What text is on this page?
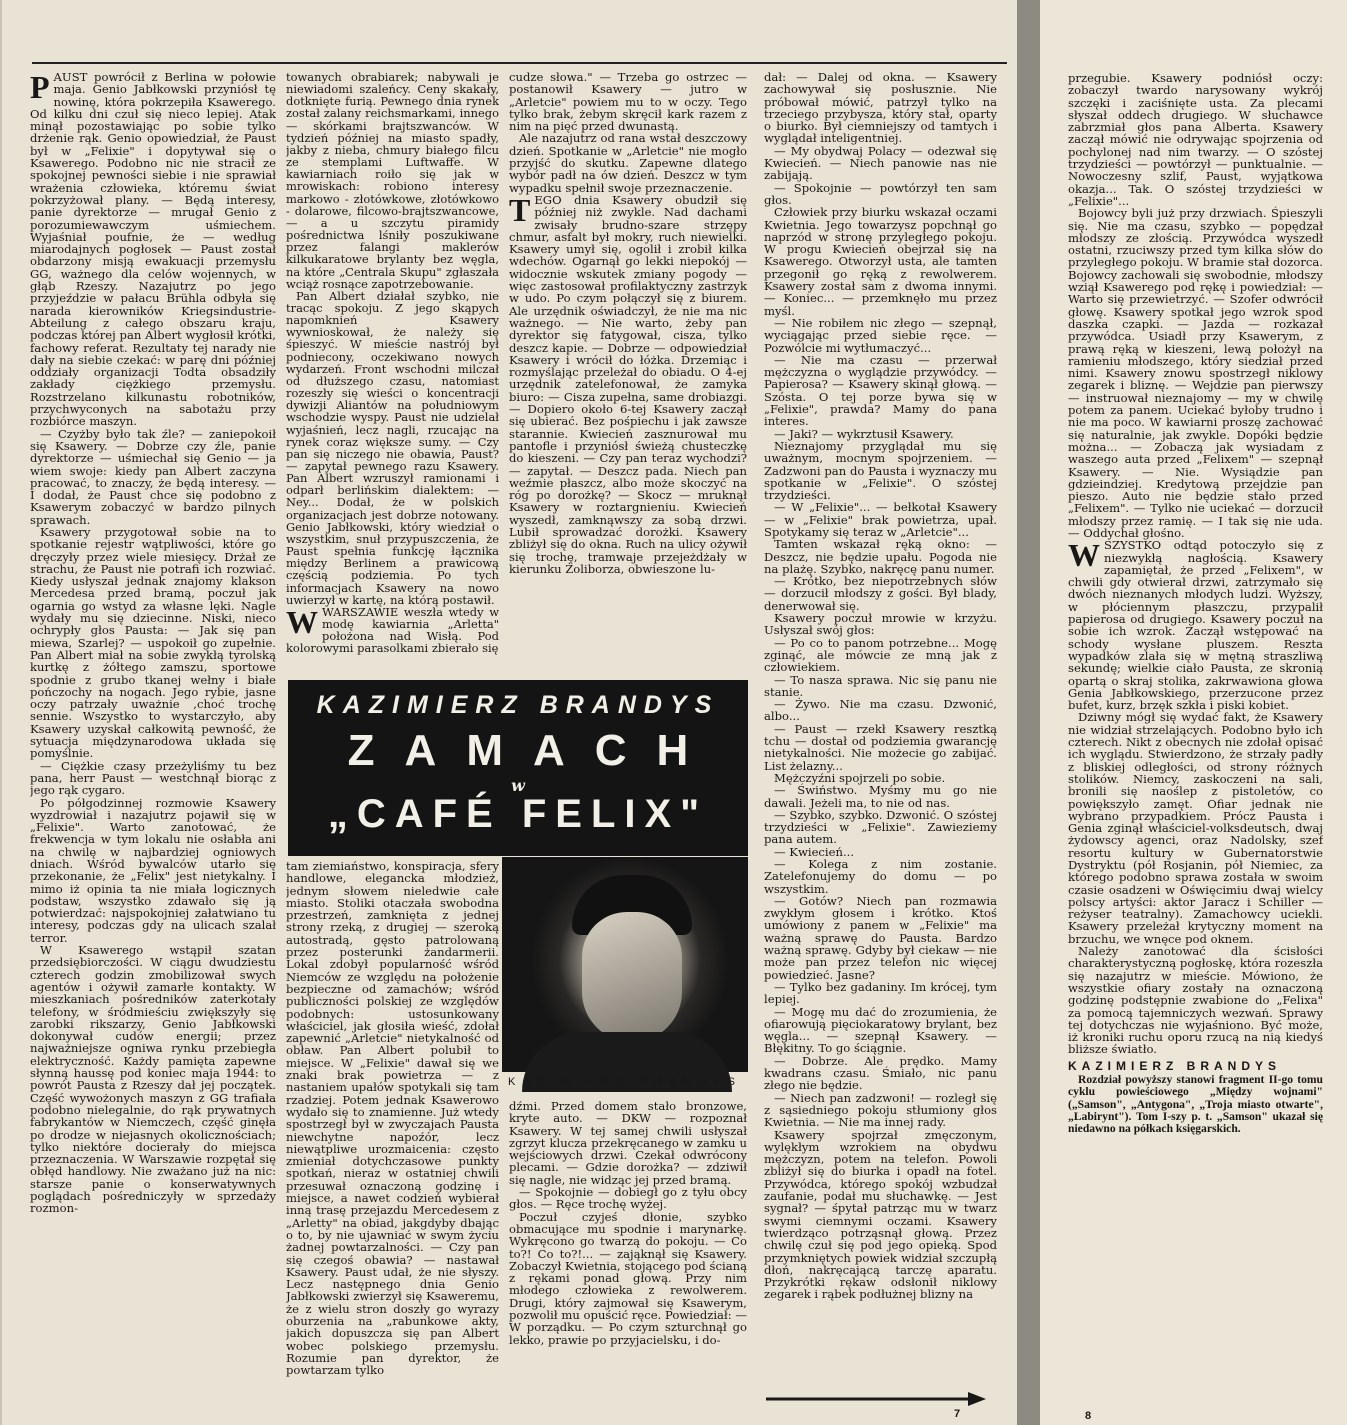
PAUST powrócił z Berlina w połowie maja. Genio Jabłkowski przyniósł tę nowinę, która pokrzepiła Ksawerego. Od kilku dni czuł się nieco lepiej. Atak minął pozostawiając po sobie tylko drżenie rąk. Genio opowiedział, że Paust był w „Felixie" i dopytywał się o Ksawerego. Podobno nic nie stracił ze spokojnej pewności siebie i nie sprawiał wrażenia człowieka, któremu świat pokrzyżował plany. — Będą interesy, panie dyrektorze — mrugał Genio z porozumiewawczym uśmiechem. Wyjaśniał poufnie, że — według miarodajnych pogłosek — Paust został obdarzony misją ewakuacji przemysłu GG, ważnego dla celów wojennych, w głąb Rzeszy. Nazajutrz po jego przyjeździe w pałacu Brühla odbyła się narada kierowników Kriegsindustrie-Abteilung z całego obszaru kraju, podczas której pan Albert wygłosił krótki, fachowy referat. Rezultaty tej narady nie dały na siebie czekać: w parę dni później oddziały organizacji Todta obsadziły zakłady ciężkiego przemysłu. Rozstrzelano kilkunastu robotników, przychwyconych na sabotażu przy rozbiórce maszyn.

— Czyżby było tak źle? — zaniepokoił się Ksawery. — Dobrze czy źle, panie dyrektorze — uśmiechał się Genio — ja wiem swoje: kiedy pan Albert zaczyna pracować, to znaczy, że będą interesy. — I dodał, że Paust chce się podobno z Ksawerym zobaczyć w bardzo pilnych sprawach.

Ksawery przygotował sobie na to spotkanie rejestr wątpliwości, które go dręczyły przez wiele miesięcy. Drżał ze strachu, że Paust nie potrafi ich rozwiać. Kiedy usłyszał jednak znajomy klakson Mercedesa przed bramą, poczuł jak ogarnia go wstyd za własne lęki. Nagle wydały mu się dziecinne. Niski, nieco ochrypły głos Pausta: — Jak się pan miewa, Szarlej? — uspokoił go zupełnie. Pan Albert miał na sobie zwykłą tyrolską kurtkę z żółtego zamszu, sportowe spodnie z grubo tkanej wełny i białe pończochy na nogach. Jego rybie, jasne oczy patrzały uważnie ,choć trochę sennie. Wszystko to wystarczyło, aby Ksawery uzyskał całkowitą pewność, że sytuacja międzynarodowa układa się pomyślnie.

— Ciężkie czasy przeżyliśmy tu bez pana, herr Paust — westchnął biorąc z jego rąk cygaro.

Po półgodzinnej rozmowie Ksawery wyzdrowiał i nazajutrz pojawił się w „Felixie". Warto zanotować, że frekwencja w tym lokalu nie osłabła ani na chwilę w najbardziej ogniowych dniach. Wśród bywalców utarło się przekonanie, że „Felix" jest nietykalny. I mimo iż opinia ta nie miała logicznych podstaw, wszystko zdawało się ją potwierdzać: najspokojniej załatwiano tu interesy, podczas gdy na ulicach szalał terror.

W Ksawerego wstąpił szatan przedsiębiorczości. W ciągu dwudziestu czterech godzin zmobilizował swych agentów i ożywił zamarłe kontakty. W mieszkaniach pośredników zaterkotały telefony, w śródmieściu zwiększyły się zarobki rikszarzy, Genio Jabłkowski dokonywał cudów energii; przez najważniejsze ogniwa rynku przebiegła elektryczność. Każdy pamięta zapewne słynną haussę pod koniec maja 1944: to powrót Pausta z Rzeszy dał jej początek. Część wywożonych maszyn z GG trafiała podobno nielegalnie, do rąk prywatnych fabrykantów w Niemczech, część ginęła po drodze w niejasnych okolicznościach; tylko niektóre docierały do miejsca przeznaczenia. W Warszawie rozpętał się obłęd handlowy. Nie zważano już na nic: starsze panie o konserwatywnych poglądach pośredniczyły w sprzedaży rozmon-

towanych obrabiarek; nabywali je niewiadomi szaleńcy. Ceny skakały, dotknięte furią. Pewnego dnia rynek został zalany reichsmarkami, innego — skórkami brajtszwanców. W tydzień później na miasto spadły, jakby z nieba, chmury białego filcu ze stemplami Luftwaffe. W kawiarniach roiło się jak w mrowiskach: robiono interesy markowo - złotówkowe, złotówkowo - dolarowe, filcowo-brajtszwancowe, — a u szczytu piramidy pośrednictwa lśniły poszukiwane przez falangi maklerów kilkukaratowe brylanty bez węgla, na które „Centrala Skupu" zgłaszała wciąż rosnące zapotrzebowanie.

Pan Albert działał szybko, nie tracąc spokoju. Z jego skąpych napomknień Ksawery wywnioskował, że należy się śpieszyć. W mieście nastrój był podniecony, oczekiwano nowych wydarzeń. Front wschodni milczał od dłuższego czasu, natomiast rozeszły się wieści o koncentracji dywizji Aliantów na południowym wschodzie wyspy. Paust nie udzielał wyjaśnień, lecz nagli, rzucając na rynek coraz większe sumy. — Czy pan się niczego nie obawia, Paust? — zapytał pewnego razu Ksawery. Pan Albert wzruszył ramionami i odparł berlińskim dialektem: — Ney... Dodał, że w polskich organizacjach jest dobrze notowany. Genio Jabłkowski, który wiedział o wszystkim, snuł przypuszczenia, że Paust spełnia funkcję łącznika między Berlinem a prawicową częścią podziemia. Po tych informacjach Ksawery na nowo uwierzył w kartę, na którą postawił.

WWARSZAWIE weszła wtedy w modę kawiarnia „Arletta" położona nad Wisłą. Pod kolorowymi parasolkami zbierało się

cudze słowa." — Trzeba go ostrzec — postanowił Ksawery — jutro w „Arletcie" powiem mu to w oczy. Tego tylko brak, żebym skręcił kark razem z nim na pięć przed dwunastą.

Ale nazajutrz od rana wstał deszczowy dzień. Spotkanie w „Arletcie" nie mogło przyjść do skutku. Zapewne dlatego wybór padł na ów dzień. Deszcz w tym wypadku spełnił swoje przeznaczenie.

TEGO dnia Ksawery obudził się później niż zwykle. Nad dachami zwisały brudno-szare strzępy chmur, asfalt był mokry, ruch niewielki. Ksawery umył się, ogolił i zrobił kilka wdechów. Ogarnął go lekki niepokój — widocznie wskutek zmiany pogody — więc zastosował profilaktyczny zastrzyk w udo. Po czym połączył się z biurem. Ale urzędnik oświadczył, że nie ma nic ważnego. — Nie warto, żeby pan dyrektor się fatygował, cisza, tylko deszcz kapie. — Dobrze — odpowiedział Ksawery i wrócił do łóżka. Drzemiąc i rozmyślając przeleżał do obiadu. O 4-ej urzędnik zatelefonował, że zamyka biuro: — Cisza zupełna, same drobiazgi. — Dopiero około 6-tej Ksawery zaczął się ubierać. Bez pośpiechu i jak zawsze starannie. Kwiecień zasznurował mu pantofle i przyniósł świeżą chusteczkę do kieszeni. — Czy pan teraz wychodzi? — zapytał. — Deszcz pada. Niech pan weźmie płaszcz, albo może skoczyć na róg po dorożkę? — Skocz — mruknął Ksawery w roztargnieniu. Kwiecień wyszedł, zamknąwszy za sobą drzwi. Lubił sprowadzać dorożki. Ksawery zbliżył się do okna. Ruch na ulicy ożywił się trochę, tramwaje przejeżdżały w kierunku Żoliborza, obwieszone lu-

KAZIMIERZ BRANDYS
ZAMACH
w
„CAFÉ FELIX"

tam ziemiaństwo, konspiracja, sfery handlowe, elegancka młodzież, jednym słowem nieledwie całe miasto. Stoliki otaczała swobodna przestrzeń, zamknięta z jednej strony rzeką, z drugiej — szeroką autostradą, gęsto patrolowaną przez posterunki żandarmerii. Lokal zdobył popularność wśród Niemców ze względu na położenie bezpieczne od zamachów; wśród publiczności polskiej ze względów podobnych: ustosunkowany właściciel, jak głosiła wieść, zdołał zapewnić „Arletcie" nietykalność od obław. Pan Albert polubił to miejsce. W „Felixie" dawał się we znaki brak powietrza — z nastaniem upałów spotykali się tam rzadziej. Potem jednak Ksawerowo wydało się to znamienne. Już wtedy spostrzegł był w zwyczajach Pausta niewchytne napoźór, lecz niewątpliwe urozmaicenia: często zmieniał dotychczasowe punkty spotkań, nieraz w ostatniej chwili przesuwał oznaczoną godzinę i miejsce, a nawet codzień wybierał inną trasę przejazdu Mercedesem z „Arletty" na obiad, jakgdyby dbając o to, by nie ujawniać w swym życiu żadnej powtarzalności. — Czy pan się czegoś obawia? — nastawał Ksawery. Paust udał, że nie słyszy. Lecz następnego dnia Genio Jabłkowski zwierzył się Ksaweremu, że z wielu stron doszły go wyrazy oburzenia na „rabunkowe akty, jakich dopuszcza się pan Albert wobec polskiego przemysłu. Rozumie pan dyrektor, że powtarzam tylko

KAZIMIERZ BRANDYS

dźmi. Przed domem stało bronzowe, kryte auto. — DKW — rozpoznał Ksawery. W tej samej chwili usłyszał zgrzyt klucza przekręcanego w zamku u wejściowych drzwi. Czekał odwrócony plecami. — Gdzie dorożka? — zdziwił się nagle, nie widząc jej przed bramą.

— Spokojnie — dobiegł go z tyłu obcy głos. — Ręce trochę wyżej.

Poczuł czyjeś dłonie, szybko obmacujące mu spodnie i marynarkę. Wykręcono go twarzą do pokoju. — Co to?! Co to?!... — zająknął się Ksawery. Zobaczył Kwietnia, stojącego pod ścianą z rękami ponad głową. Przy nim młodego człowieka z rewolwerem. Drugi, który zajmował się Ksawerym, pozwolił mu opuścić ręce. Powiedział: — W porządku. — Po czym szturchnął go lekko, prawie po przyjacielsku, i do-

dał: — Dalej od okna. — Ksawery zachowywał się posłusznie. Nie próbował mówić, patrzył tylko na trzeciego przybysza, który stał, oparty o biurko. Był ciemniejszy od tamtych i wyglądał inteligentniej.

— My obydwaj Polacy — odezwał się Kwiecień. — Niech panowie nas nie zabijają.

— Spokojnie — powtórzył ten sam głos.

Człowiek przy biurku wskazał oczami Kwietnia. Jego towarzysz popchnął go naprzód w stronę przyległego pokoju. W progu Kwiecień obejrzał się na Ksawerego. Otworzył usta, ale tamten przegonił go ręką z rewolwerem. Ksawery został sam z dwoma innymi. — Koniec... — przemknęło mu przez myśl.

— Nie robiłem nic złego — szepnął, wyciągając przed siebie ręce. — Pozwólcie mi wytłumaczyć...

— Nie ma czasu — przerwał mężczyzna o wyglądzie przywódcy. — Papierosa? — Ksawery skinął głową. — Szósta. O tej porze bywa się w „Felixie", prawda? Mamy do pana interes.

— Jaki? — wykrztusił Ksawery.

Nieznajomy przyglądał mu się uważnym, mocnym spojrzeniem. — Zadzwoni pan do Pausta i wyznaczy mu spotkanie w „Felixie". O szóstej trzydzieści.

— W „Felixie"... — bełkotał Ksawery — w „Felixie" brak powietrza, upał. Spotykamy się teraz w „Arletcie"...

Tamten wskazał ręką okno: — Deszcz, nie będzie upału. Pogoda nie na plażę. Szybko, nakręcę panu numer.

— Krótko, bez niepotrzebnych słów — dorzucił młodszy z gości. Był blady, denerwował się.

Ksawery poczuł mrowie w krzyżu. Usłyszał swój głos:

— Po co to panom potrzebne... Mogę zginąć, ale mówcie ze mną jak z człowiekiem.

— To nasza sprawa. Nic się panu nie stanie.

— Żywo. Nie ma czasu. Dzwonić, albo...

— Paust — rzekł Ksawery resztką tchu — dostał od podziemia gwarancję nietykalności. Nie możecie go zabijać. List żelazny...

Mężczyźni spojrzeli po sobie.

— Świństwo. Myśmy mu go nie dawali. Jeżeli ma, to nie od nas.

— Szybko, szybko. Dzwonić. O szóstej trzydzieści w „Felixie". Zawieziemy pana autem.

— Kwiecień...

— Kolega z nim zostanie. Zatelefonujemy do domu — po wszystkim.

— Gotów? Niech pan rozmawia zwykłym głosem i krótko. Ktoś umówiony z panem w „Felixie" ma ważną sprawę do Pausta. Bardzo ważną sprawę. Gdyby był ciekaw — nie może pan przez telefon nic więcej powiedzieć. Jasne?

— Tylko bez gadaniny. Im krócej, tym lepiej.

— Mogę mu dać do zrozumienia, że ofiarowują pięciokaratowy brylant, bez węgla... — szepnął Ksawery. — Błękitny. To go ściągnie.

— Dobrze. Ale prędko. Mamy kwadrans czasu. Śmiało, nic panu złego nie będzie.

— Niech pan zadzwoni! — rozległ się z sąsiedniego pokoju stłumiony głos Kwietnia. — Nie ma innej rady.

Ksawery spojrzał zmęczonym, wylękłym wzrokiem na obydwu mężczyzn, potem na telefon. Powoli zbliżył się do biurka i opadł na fotel. Przywódca, którego spokój wzbudzał zaufanie, podał mu słuchawkę. — Jest sygnał? — śpytał patrząc mu w twarz swymi ciemnymi oczami. Ksawery twierdząco potrząsnął głową. Przez chwilę czuł się pod jego opieką. Spod przymkniętych powiek widział szczupłą dłoń, nakręcającą tarczę aparatu. Przykrótki rękaw odsłonił niklowy zegarek i rąbek podłużnej blizny na

7

przegubie. Ksawery podniósł oczy: zobaczył twardo narysowany wykrój szczęki i zaciśnięte usta. Za plecami słyszał oddech drugiego. W słuchawce zabrzmiał głos pana Alberta. Ksawery zaczął mówić nie odrywając spojrzenia od pochylonej nad nim twarzy. — O szóstej trzydzieści — powtórzył — punktualnie. — Nowoczesny szlif, Paust, wyjątkowa okazja... Tak. O szóstej trzydzieści w „Felixie"...

Bojowcy byli już przy drzwiach. Śpieszyli się. Nie ma czasu, szybko — popędzał młodszy ze złością. Przywódca wyszedł ostatni, rzuciwszy przed tym kilka słów do przyległego pokoju. W bramie stał dozorca. Bojowcy zachowali się swobodnie, młodszy wziął Ksawerego pod rękę i powiedział: — Warto się przewietrzyć. — Szofer odwrócił głowę. Ksawery spotkał jego wzrok spod daszka czapki. — Jazda — rozkazał przywódca. Usiadł przy Ksawerym, z prawą ręką w kieszeni, lewą położył na ramieniu młodszego, który siedział przed nimi. Ksawery znowu spostrzegł niklowy zegarek i bliznę. — Wejdzie pan pierwszy — instruował nieznajomy — my w chwilę potem za panem. Uciekać byłoby trudno i nie ma poco. W kawiarni proszę zachować się naturalnie, jak zwykle. Dopóki będzie można... — Zobaczą jak wysiadam z waszego auta przed „Felixem" — szepnął Ksawery. — Nie. Wysiądzie pan gdzieindziej. Kredytową przejdzie pan pieszo. Auto nie będzie stało przed „Felixem". — Tylko nie uciekać — dorzucił młodszy przez ramię. — I tak się nie uda. — Oddychał głośno.

WSZYSTKO odtąd potoczyło się z niezwykłą nagłością. Ksawery zapamiętał, że przed „Felixem", w chwili gdy otwierał drzwi, zatrzymało się dwóch nieznanych młodych ludzi. Wyższy, w płóciennym płaszczu, przypalił papierosa od drugiego. Ksawery poczuł na sobie ich wzrok. Zaczął wstępować na schody wysłane pluszem. Reszta wypadków zlała się w mętną straszliwą sekundę; wielkie ciało Pausta, ze skronią opartą o skraj stolika, zakrwawiona głowa Genia Jabłkowskiego, przerzucone przez bufet, kurz, brzęk szkła i piski kobiet.

Dziwny mógł się wydać fakt, że Ksawery nie widział strzelających. Podobno było ich czterech. Nikt z obecnych nie zdołał opisać ich wyglądu. Stwierdzono, że strzały padły z bliskiej odległości, od strony różnych stolików. Niemcy, zaskoczeni na sali, bronili się naoślep z pistoletów, co powiększyło zamęt. Ofiar jednak nie wybrano przypadkiem. Prócz Pausta i Genia zginął właściciel-volksdeutsch, dwaj żydowscy agenci, oraz Nadolsky, szef resortu kultury w Gubernatorstwie Dystryktu (pół Rosjanin, pół Niemiec, za którego podobno sprawa została w swoim czasie osadzeni w Oświęcimiu dwaj wielcy polscy artyści: aktor Jaracz i Schiller — reżyser teatralny). Zamachowcy uciekli. Ksawery przeleżał krytyczny moment na brzuchu, we wnęce pod oknem.

Należy zanotować dla ścisłości charakterystyczną pogłoskę, która rozeszła się nazajutrz w mieście. Mówiono, że wszystkie ofiary zostały na oznaczoną godzinę podstępnie zwabione do „Felixa" za pomocą tajemniczych wezwań. Sprawy tej dotychczas nie wyjaśniono. Być może, iż kroniki ruchu oporu rzucą na nią kiedyś bliższe światło.

KAZIMIERZ BRANDYS

Rozdział powyższy stanowi fragment II-go tomu cyklu powieściowego „Między wojnami" („Samson", „Antygona", „Troja miasto otwarte", „Labirynt"). Tom I-szy p. t. „Samson" ukazał się niedawno na półkach księgarskich.

8
